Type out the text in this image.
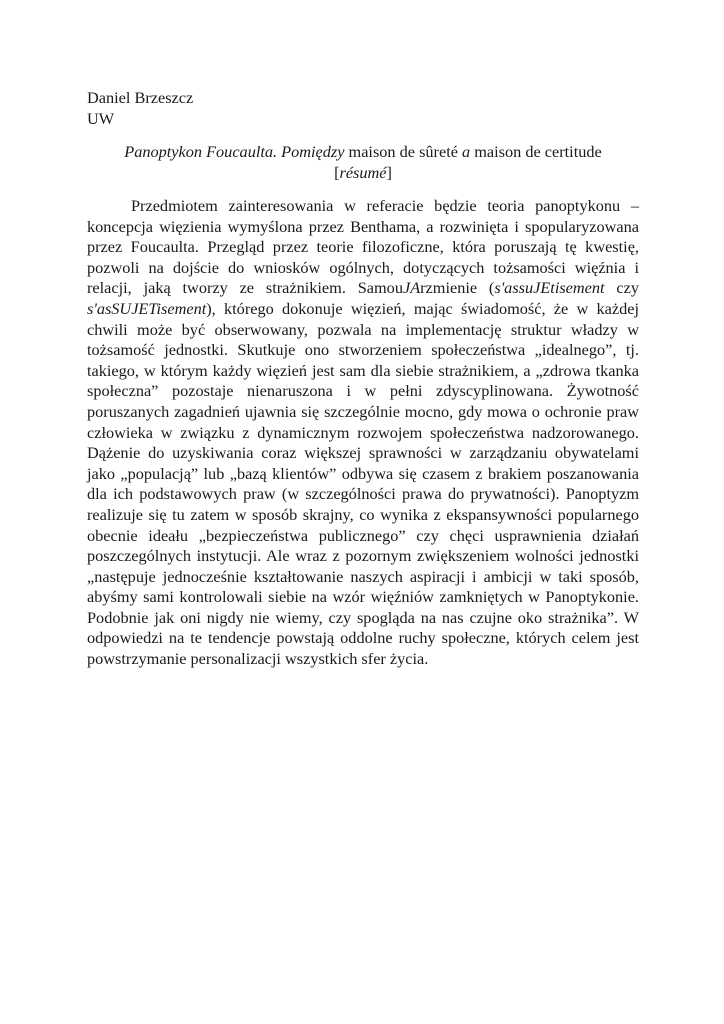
Daniel Brzeszcz
UW
Panoptykon Foucaulta. Pomiędzy maison de sûreté a maison de certitude
[résumé]

Przedmiotem zainteresowania w referacie będzie teoria panoptykonu – koncepcja więzienia wymyślona przez Benthama, a rozwinięta i spopularyzowana przez Foucaulta. Przegląd przez teorie filozoficzne, która poruszają tę kwestię, pozwoli na dojście do wniosków ogólnych, dotyczących tożsamości więźnia i relacji, jaką tworzy ze strażnikiem. SamouJArzmienie (s'assuJEtisement czy s'asSUJETisement), którego dokonuje więzień, mając świadomość, że w każdej chwili może być obserwowany, pozwala na implementację struktur władzy w tożsamość jednostki. Skutkuje ono stworzeniem społeczeństwa „idealnego”, tj. takiego, w którym każdy więzień jest sam dla siebie strażnikiem, a „zdrowa tkanka społeczna” pozostaje nienaruszona i w pełni zdyscyplinowana. Żywotność poruszanych zagadnień ujawnia się szczególnie mocno, gdy mowa o ochronie praw człowieka w związku z dynamicznym rozwojem społeczeństwa nadzorowanego. Dążenie do uzyskiwania coraz większej sprawności w zarządzaniu obywatelami jako „populacją” lub „bazą klientów” odbywa się czasem z brakiem poszanowania dla ich podstawowych praw (w szczególności prawa do prywatności). Panoptyzm realizuje się tu zatem w sposób skrajny, co wynika z ekspansywności popularnego obecnie ideału „bezpieczeństwa publicznego” czy chęci usprawnienia działań poszczególnych instytucji. Ale wraz z pozornym zwiększeniem wolności jednostki „następuje jednocześnie kształtowanie naszych aspiracji i ambicji w taki sposób, abyśmy sami kontrolowali siebie na wzór więźniów zamkniętych w Panoptykonie. Podobnie jak oni nigdy nie wiemy, czy spogląda na nas czujne oko strażnika”. W odpowiedzi na te tendencje powstają oddolne ruchy społeczne, których celem jest powstrzymanie personalizacji wszystkich sfer życia.
